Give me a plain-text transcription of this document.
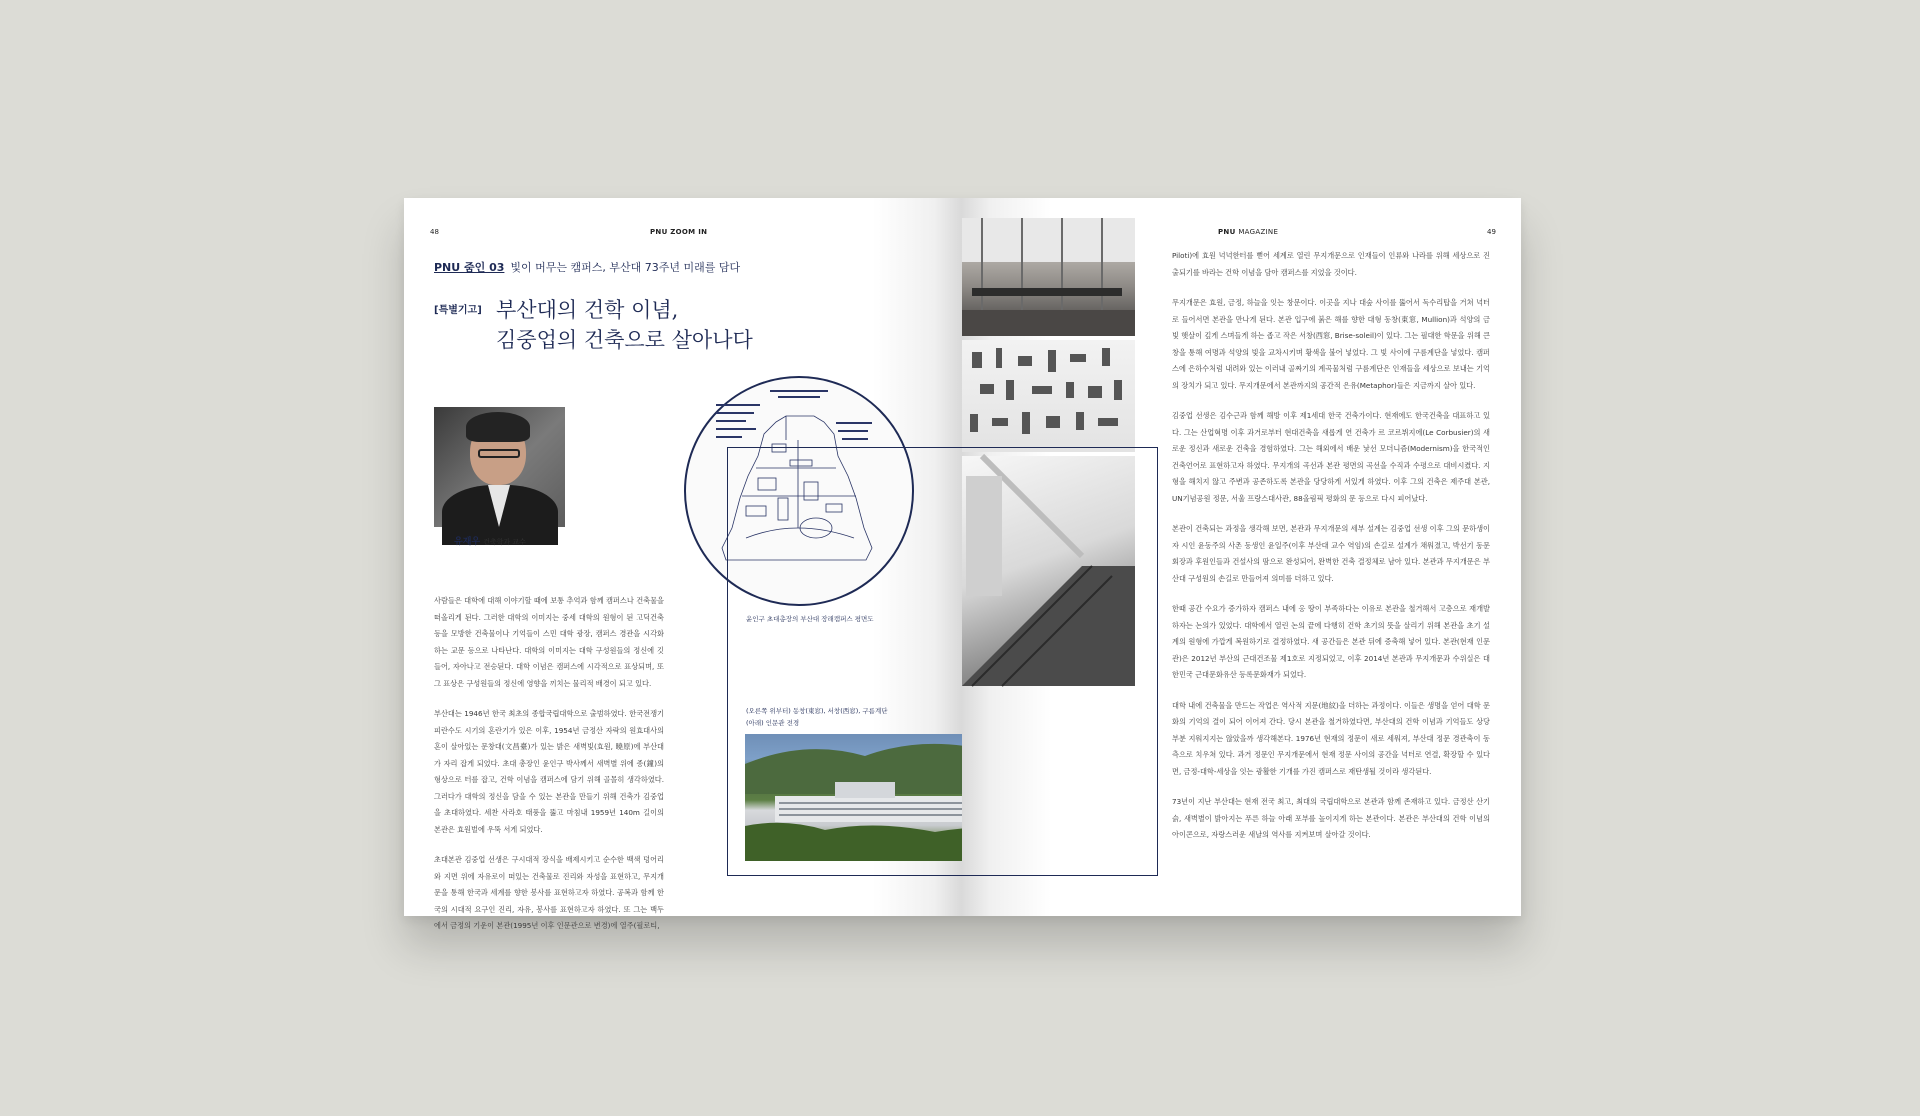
48	PNU ZOOM IN
PNU 줌인 03 빛이 머무는 캠퍼스, 부산대 73주년 미래를 담다
[특별기고] 부산대의 건학 이념,
김중업의 건축으로 살아나다
유재우 건축학과 교수

사람들은 대학에 대해 이야기할 때에 보통 추억과 함께 캠퍼스나 건축물을 떠올리게 된다. 그러한 대학의 이미지는 중세 대학의 원형이 된 고딕건축 등을 모방한 건축물이나 기억들이 스민 대학 광장, 캠퍼스 경관을 시각화하는 교문 등으로 나타난다. 대학의 이미지는 대학 구성원들의 정신에 깃들어, 자아나고 전승된다. 대학 이념은 캠퍼스에 시각적으로 표상되며, 또 그 표상은 구성원들의 정신에 영향을 끼치는 물리적 배경이 되고 있다.

부산대는 1946년 한국 최초의 종합국립대학으로 출범하였다. 한국전쟁기 피란수도 시기의 혼란기가 있은 이후, 1954년 금정산 자락의 원효대사의 혼이 살아있는 문창대(文昌臺)가 있는 밝은 새벽빛(효원, 曉原)에 부산대가 자리 잡게 되었다. 초대 총장인 윤인구 박사께서 새벽별 위에 종(鐘)의 형상으로 터를 잡고, 건학 이념을 캠퍼스에 담기 위해 골몰히 생각하였다. 그러다가 대학의 정신을 담을 수 있는 본관을 만들기 위해 건축가 김중업을 초대하였다. 세찬 사라호 태풍을 뚫고 마침내 1959년 140m 길이의 본관은 효원벌에 우뚝 서게 되었다.

초대본관 김중업 선생은 구시대적 장식을 배제시키고 순수한 백색 덩어리와 지면 위에 자유로이 떠있는 건축물로 진리와 자성을 표현하고, 무지개문을 통해 한국과 세계를 향한 봉사를 표현하고자 하였다. 공복과 함께 한국의 시대적 요구인 진리, 자유, 봉사를 표현하고자 하였다. 또 그는 백두에서 금정의 기운이 본관(1995년 이후 인문관으로 변경)에 열주(필로티,

윤인구 초대총장의 부산대 장래캠퍼스 평면도
(오른쪽 위부터) 동창(東窓), 서창(西窓), 구름계단
(아래) 인문관 전경
PNU MAGAZINE	49

Piloti)에 효원 넉넉한터를 뻗어 세계로 열린 무지개문으로 인재들이 인류와 나라를 위해 세상으로 진출되기를 바라는 건학 이념을 담아 캠퍼스를 지었을 것이다.

무지개문은 효원, 금정, 하늘을 잇는 창문이다. 이곳을 지나 대숲 사이를 뚫어서 독수리탑을 거쳐 넉터로 들어서면 본관을 만나게 된다. 본관 입구에 붉은 해를 향한 대형 동창(東窓, Mullion)과 석양의 금빛 햇살이 깊게 스며들게 하는 좁고 작은 서창(西窓, Brise-soleil)이 있다. 그는 필대한 학문을 위해 큰 창을 통해 여명과 석양의 빛을 교차시키며 황색을 불어 넣었다. 그 빛 사이에 구름계단을 넣었다. 캠퍼스에 은하수처럼 내려와 있는 이러내 골짜기의 계곡물처럼 구름계단은 인재들을 세상으로 보내는 기억의 장치가 되고 있다. 무지개문에서 본관까지의 공간적 은유(Metaphor)들은 지금까지 살아 있다.

김중업 선생은 김수근과 함께 해방 이후 제1세대 한국 건축가이다. 현재에도 한국건축을 대표하고 있다. 그는 산업혁명 이후 과거로부터 현대건축을 새롭게 연 건축가 르 코르뷔지에(Le Corbusier)의 새로운 정신과 새로운 건축을 경험하였다. 그는 해외에서 배운 낯선 모더니즘(Modernism)을 한국적인 건축언어로 표현하고자 하였다. 무지개의 곡선과 본관 평면의 곡선을 수직과 수평으로 대비시켰다. 지형을 해치지 않고 주변과 공존하도록 본관을 당당하게 서있게 하였다. 이후 그의 건축은 제주대 본관, UN기념공원 정문, 서울 프랑스대사관, 88올림픽 평화의 문 등으로 다시 피어났다.

본관이 건축되는 과정을 생각해 보면, 본관과 무지개문의 세부 설계는 김중업 선생 이후 그의 문하생이자 시인 윤동주의 사촌 동생인 윤일주(이후 부산대 교수 역임)의 손길로 설계가 채워졌고, 박선기 동문회장과 후원인들과 건설사의 땀으로 완성되어, 완벽한 건축 결정체로 남아 있다. 본관과 무지개문은 부산대 구성원의 손길로 만들어져 의미를 더하고 있다.

한때 공간 수요가 증가하자 캠퍼스 내에 옹 땅이 부족하다는 이유로 본관을 철거해서 고층으로 재개발하자는 논의가 있었다. 대학에서 열린 논의 끝에 다행히 건학 초기의 뜻을 살리기 위해 본관을 초기 설계의 원형에 가깝게 복원하기로 결정하였다. 새 공간들은 본관 뒤에 증축해 넣어 있다. 본관(현재 인문관)은 2012년 부산의 근대건조물 제1호로 지정되었고, 이후 2014년 본관과 무지개문과 수위실은 대한민국 근대문화유산 등록문화재가 되었다.

대학 내에 건축물을 만드는 작업은 역사적 지문(地紋)을 더하는 과정이다. 이들은 생명을 얻어 대학 문화의 기억의 결이 되어 이어져 간다. 당시 본관을 철거하였다면, 부산대의 건학 이념과 기억들도 상당 부분 지워지지는 않았을까 생각해본다. 1976년 현재의 정문이 새로 세워져, 부산대 정문 경관축이 동측으로 치우쳐 있다. 과거 정문인 무지개문에서 현재 정문 사이의 공간을 넉터로 연결, 확장할 수 있다면, 금정-대학-세상을 잇는 광활한 기개를 가진 캠퍼스로 재탄생될 것이라 생각된다.

73년이 지난 부산대는 현재 전국 최고, 최대의 국립대학으로 본관과 함께 존재하고 있다. 금정산 산기슭, 새벽별이 밝아지는 푸른 하늘 아래 포부를 높이지게 하는 본관이다. 본관은 부산대의 건학 이념의 아이콘으로, 자랑스러운 새날의 역사를 지켜보며 살아갈 것이다.
